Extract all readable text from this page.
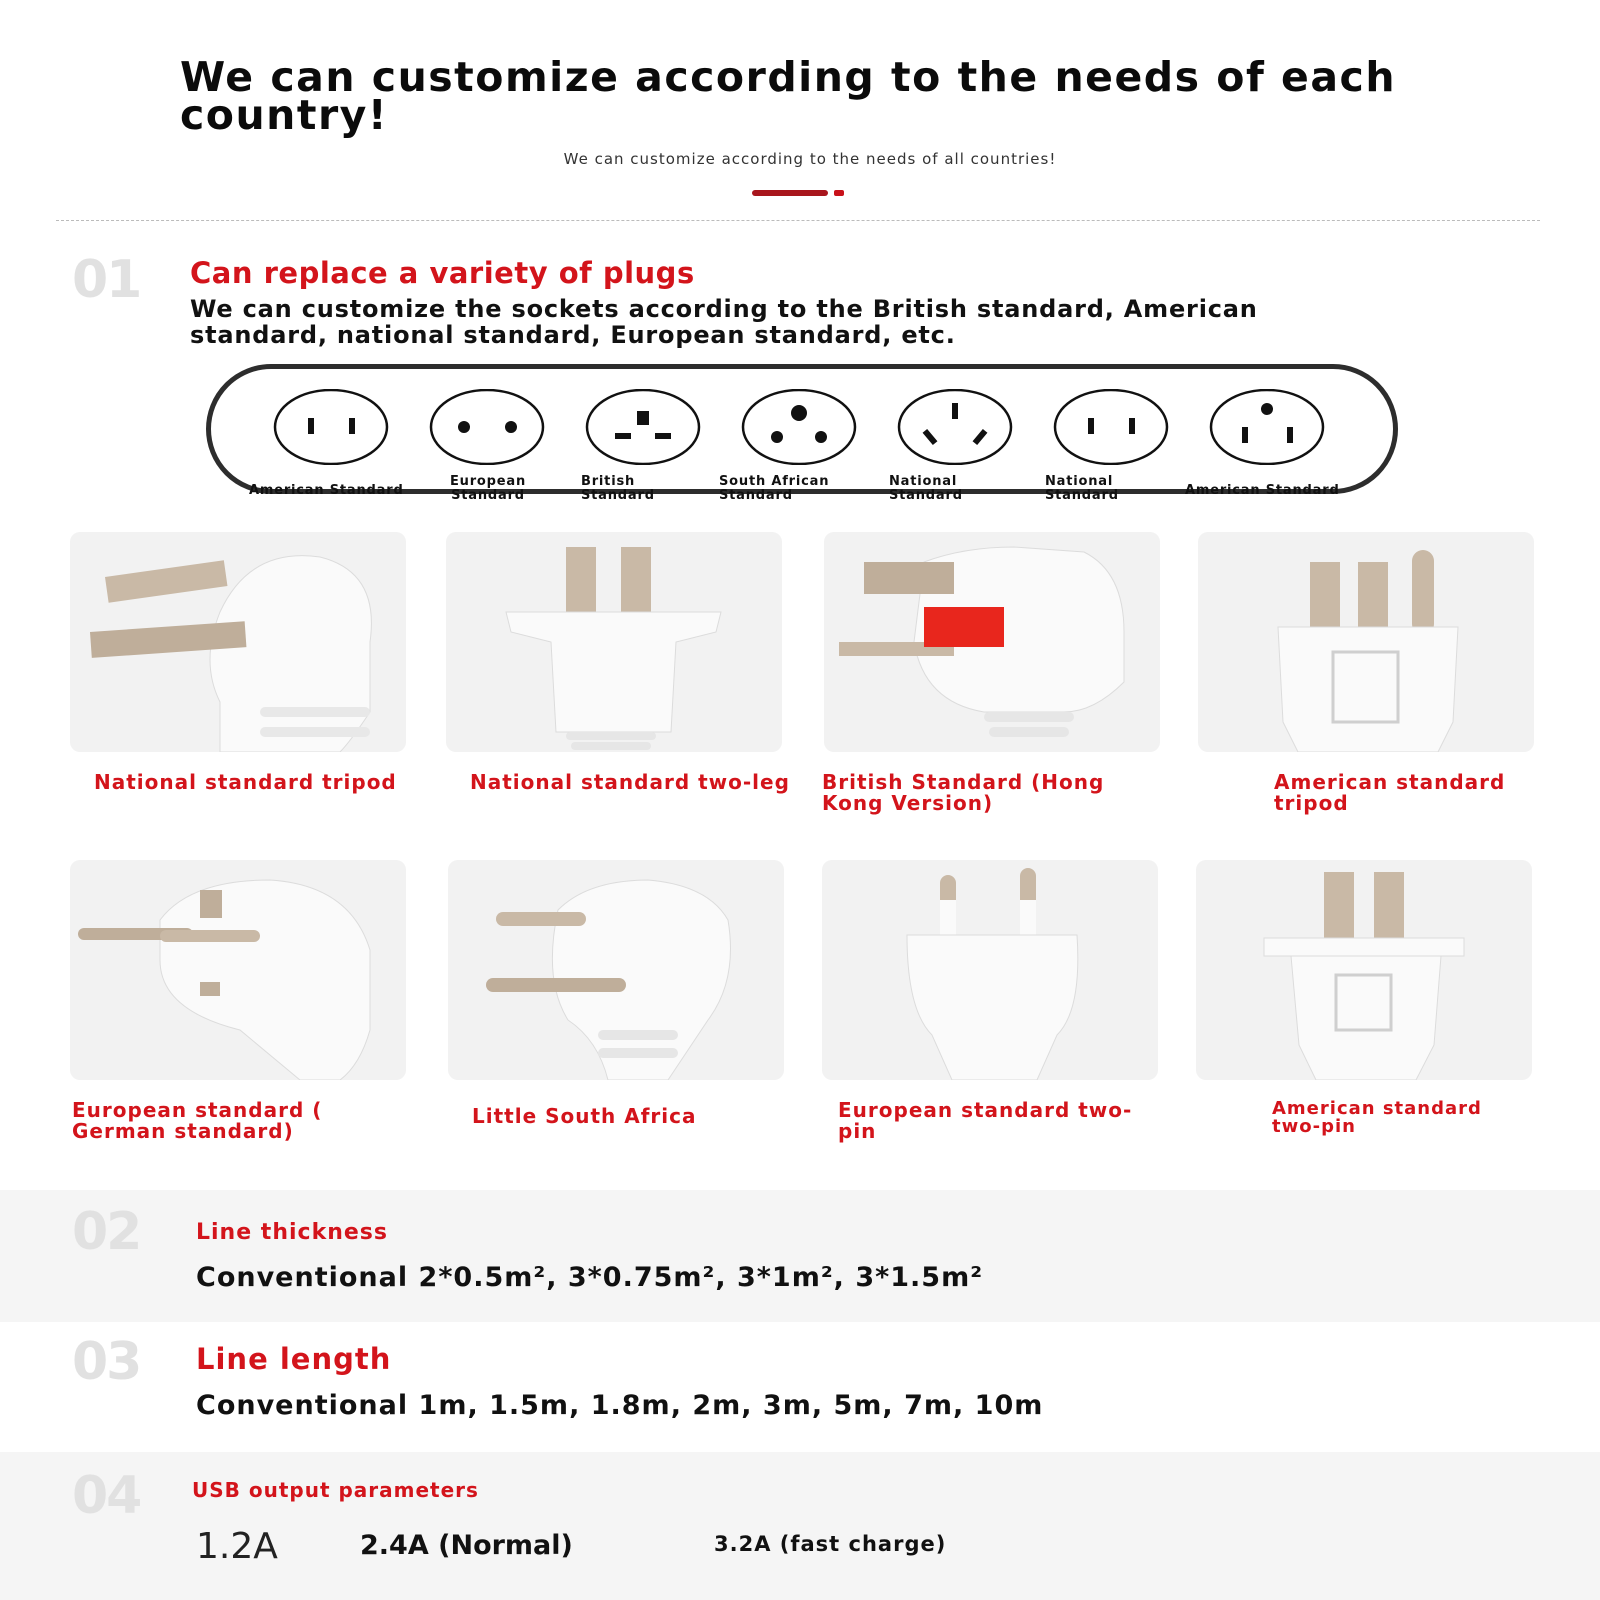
We can customize according to the needs of each country!
We can customize according to the needs of all countries!
01 Can replace a variety of plugs
We can customize the sockets according to the British standard, American standard, national standard, European standard, etc.
American Standard
European Standard
British Standard
South African Standard
National Standard
National Standard	American Standard
National standard tripod	National standard two-leg British Standard (Hong Kong Version)
American standard tripod
European standard ( German standard)
Little South Africa	European standard two-pin
American standard two-pin
02	Line thickness
Conventional 2*0.5m², 3*0.75m², 3*1m², 3*1.5m²
03 Line length
Conventional 1m, 1.5m, 1.8m, 2m, 3m, 5m, 7m, 10m
04	USB output parameters
1.2A	2.4A (Normal)	3.2A (fast charge)
